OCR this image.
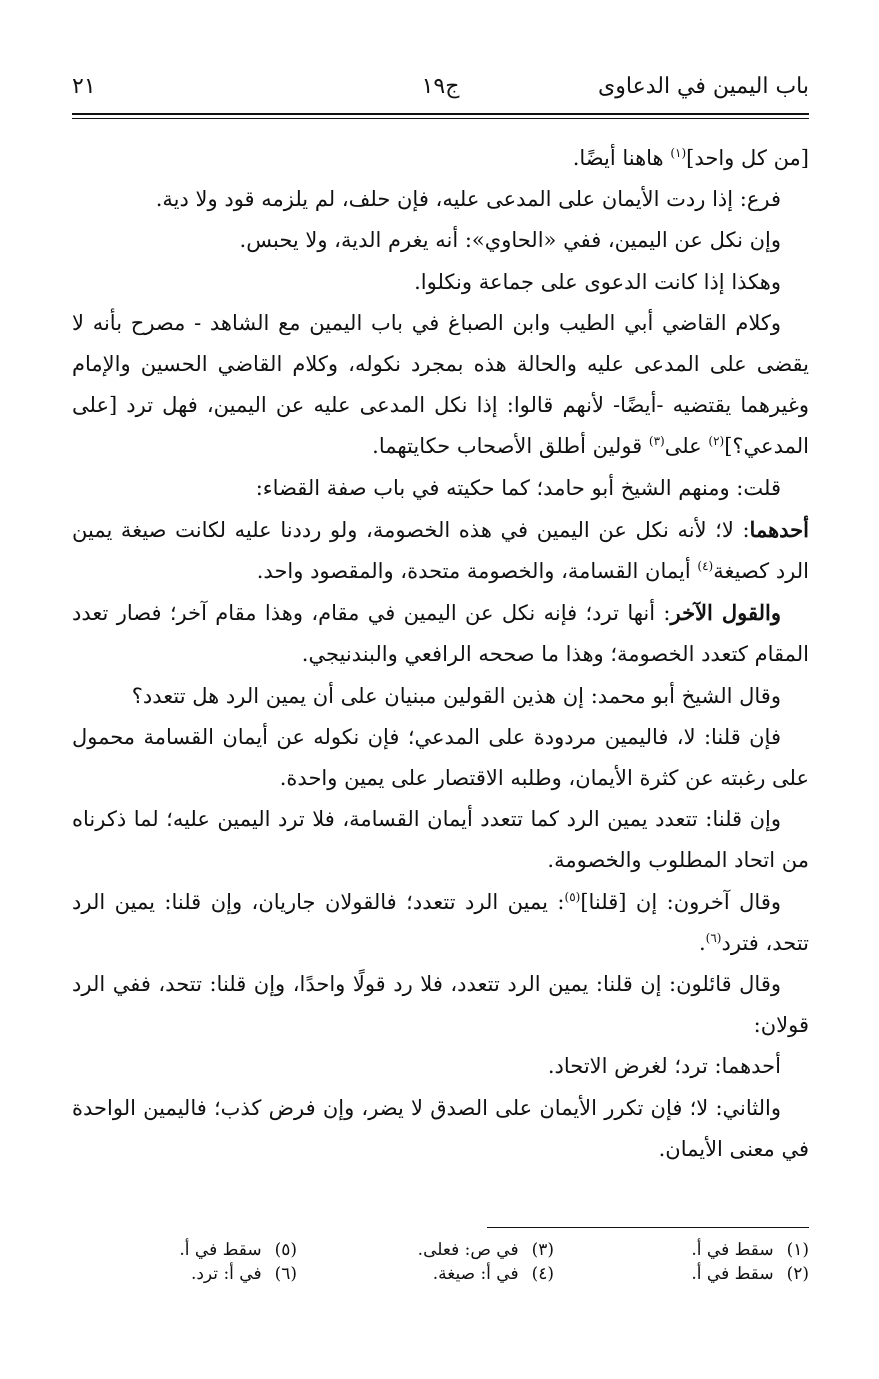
باب اليمين في الدعاوى
ج١٩
٢١

[من كل واحد]$^{(١)}$ هاهنا أيضًا.

فرع: إذا ردت الأيمان على المدعى عليه، فإن حلف، لم يلزمه قود ولا دية.

وإن نكل عن اليمين، ففي «الحاوي»: أنه يغرم الدية، ولا يحبس.

وهكذا إذا كانت الدعوى على جماعة ونكلوا.

وكلام القاضي أبي الطيب وابن الصباغ في باب اليمين مع الشاهد - مصرح بأنه لا يقضى على المدعى عليه والحالة هذه بمجرد نكوله، وكلام القاضي الحسين والإمام وغيرهما يقتضيه -أيضًا- لأنهم قالوا: إذا نكل المدعى عليه عن اليمين، فهل ترد [على المدعي؟]$^{(٢)}$ على$^{(٣)}$ قولين أطلق الأصحاب حكايتهما.

قلت: ومنهم الشيخ أبو حامد؛ كما حكيته في باب صفة القضاء:

أحدهما: لا؛ لأنه نكل عن اليمين في هذه الخصومة، ولو رددنا عليه لكانت صيغة يمين الرد كصيغة$^{(٤)}$ أيمان القسامة، والخصومة متحدة، والمقصود واحد.

والقول الآخر: أنها ترد؛ فإنه نكل عن اليمين في مقام، وهذا مقام آخر؛ فصار تعدد المقام كتعدد الخصومة؛ وهذا ما صححه الرافعي والبندنيجي.

وقال الشيخ أبو محمد: إن هذين القولين مبنيان على أن يمين الرد هل تتعدد؟

فإن قلنا: لا، فاليمين مردودة على المدعي؛ فإن نكوله عن أيمان القسامة محمول على رغبته عن كثرة الأيمان، وطلبه الاقتصار على يمين واحدة.

وإن قلنا: تتعدد يمين الرد كما تتعدد أيمان القسامة، فلا ترد اليمين عليه؛ لما ذكرناه من اتحاد المطلوب والخصومة.

وقال آخرون: إن [قلنا]$^{(٥)}$: يمين الرد تتعدد؛ فالقولان جاريان، وإن قلنا: يمين الرد تتحد، فترد$^{(٦)}$.

وقال قائلون: إن قلنا: يمين الرد تتعدد، فلا رد قولًا واحدًا، وإن قلنا: تتحد، ففي الرد قولان:

أحدهما: ترد؛ لغرض الاتحاد.

والثاني: لا؛ فإن تكرر الأيمان على الصدق لا يضر، وإن فرض كذب؛ فاليمين الواحدة في معنى الأيمان.

(١) سقط في أ.
(٢) سقط في أ.
(٣) في ص: فعلى.
(٤) في أ: صيغة.
(٥) سقط في أ.
(٦) في أ: ترد.
